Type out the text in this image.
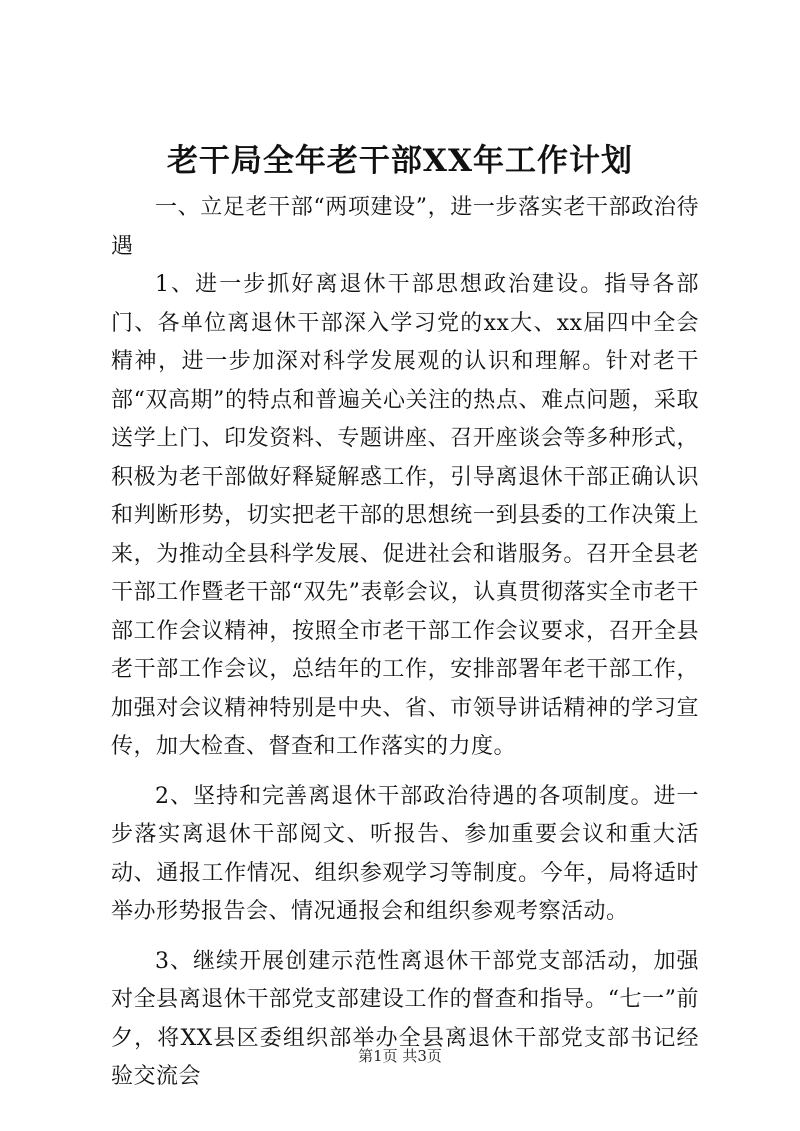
老干局全年老干部XX年工作计划

一、立足老干部“两项建设”，进一步落实老干部政治待遇

1、进一步抓好离退休干部思想政治建设。指导各部门、各单位离退休干部深入学习党的xx大、xx届四中全会精神，进一步加深对科学发展观的认识和理解。针对老干部“双高期”的特点和普遍关心关注的热点、难点问题，采取送学上门、印发资料、专题讲座、召开座谈会等多种形式，积极为老干部做好释疑解惑工作，引导离退休干部正确认识和判断形势，切实把老干部的思想统一到县委的工作决策上来，为推动全县科学发展、促进社会和谐服务。召开全县老干部工作暨老干部“双先”表彰会议，认真贯彻落实全市老干部工作会议精神，按照全市老干部工作会议要求，召开全县老干部工作会议，总结年的工作，安排部署年老干部工作，加强对会议精神特别是中央、省、市领导讲话精神的学习宣传，加大检查、督查和工作落实的力度。

2、坚持和完善离退休干部政治待遇的各项制度。进一步落实离退休干部阅文、听报告、参加重要会议和重大活动、通报工作情况、组织参观学习等制度。今年，局将适时举办形势报告会、情况通报会和组织参观考察活动。

3、继续开展创建示范性离退休干部党支部活动，加强对全县离退休干部党支部建设工作的督查和指导。“七一”前夕，将XX县区委组织部举办全县离退休干部党支部书记经验交流会

第1页 共3页
